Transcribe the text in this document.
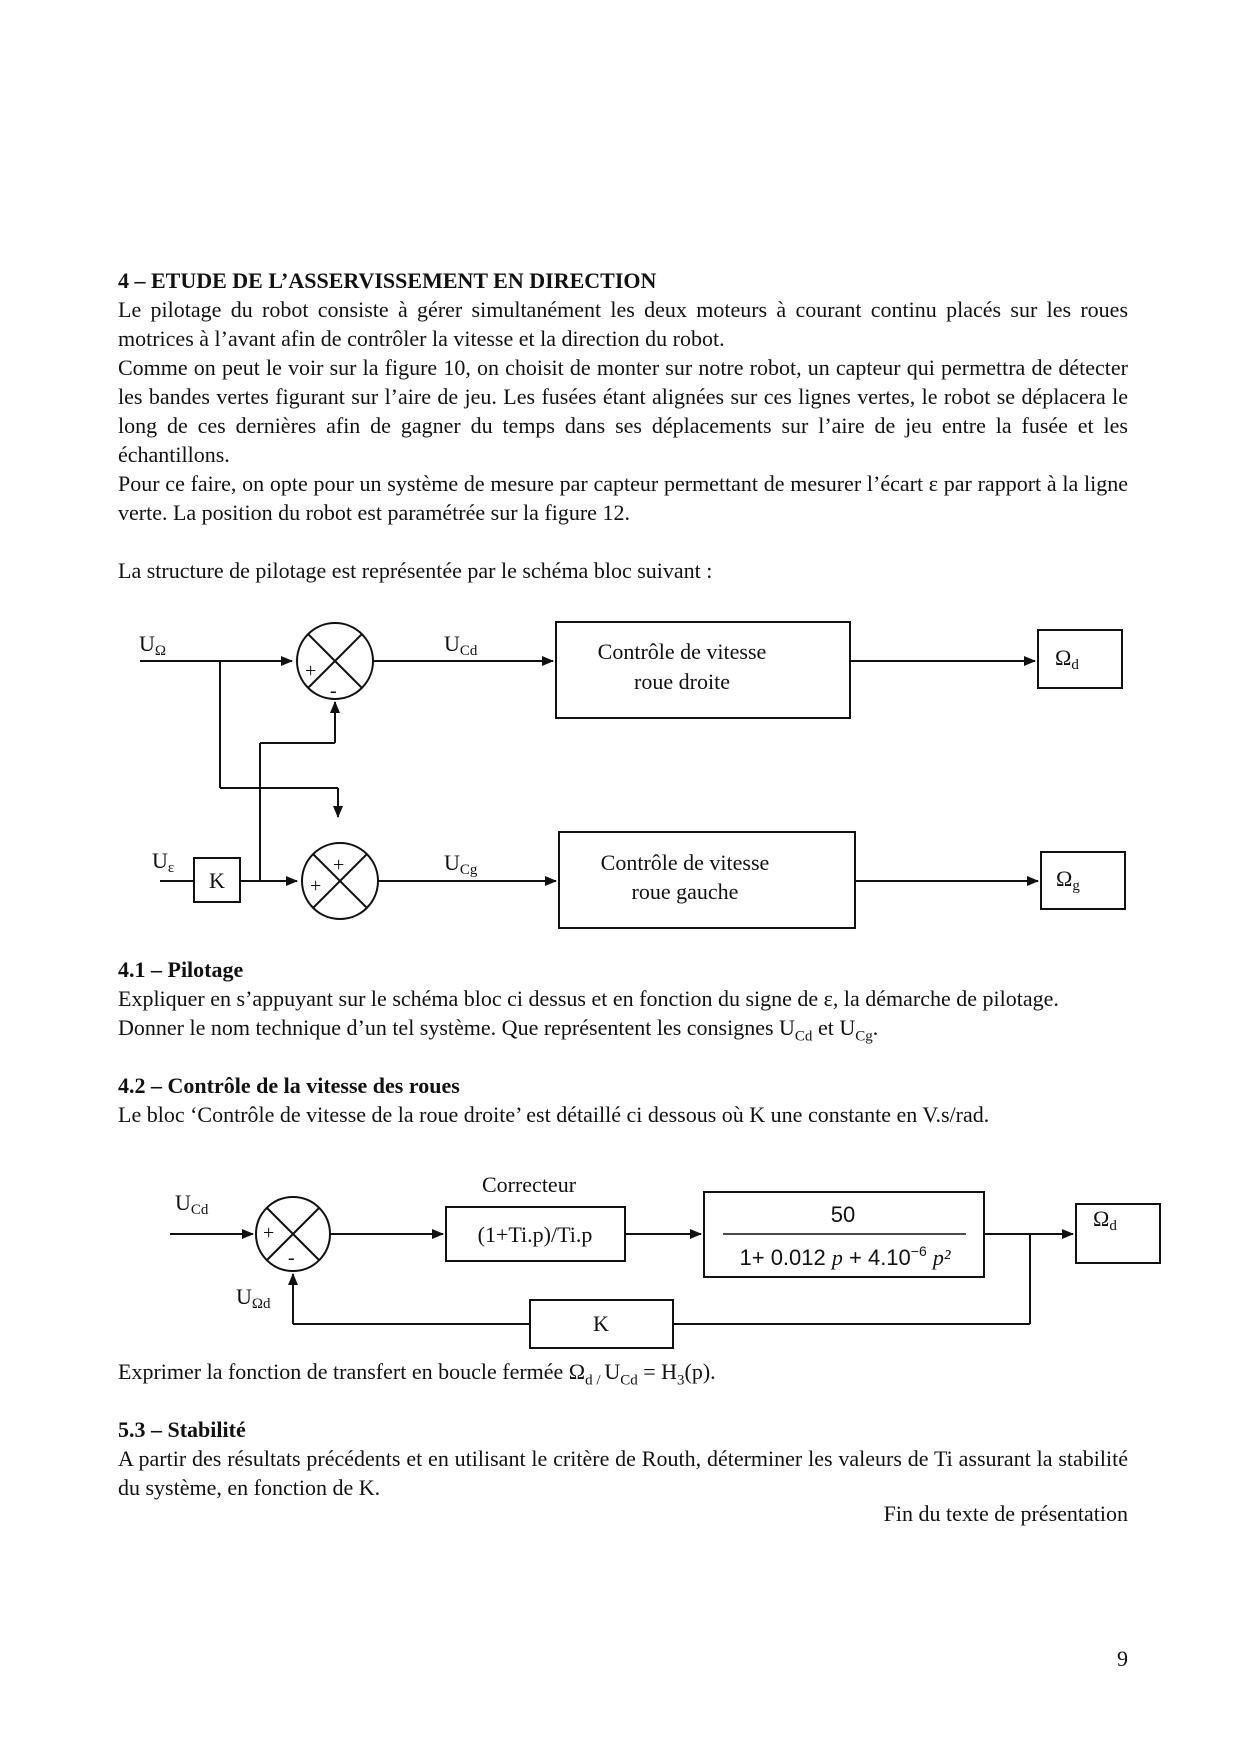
4 – ETUDE DE L’ASSERVISSEMENT EN DIRECTION

Le pilotage du robot consiste à gérer simultanément les deux moteurs à courant continu placés sur les roues motrices à l’avant afin de contrôler la vitesse et la direction du robot.

Comme on peut le voir sur la figure 10, on choisit de monter sur notre robot, un capteur qui permettra de détecter les bandes vertes figurant sur l’aire de jeu. Les fusées étant alignées sur ces lignes vertes, le robot se déplacera le long de ces dernières afin de gagner du temps dans ses déplacements sur l’aire de jeu entre la fusée et les échantillons.

Pour ce faire, on opte pour un système de mesure par capteur permettant de mesurer l’écart ε par rapport à la ligne verte. La position du robot est paramétrée sur la figure 12.

La structure de pilotage est représentée par le schéma bloc suivant :

UΩ	UCd
+
-
Contrôle de vitesse
roue droite
Ωd
Uε K
+
+
UCg	Contrôle de vitesse
roue gauche
Ωg
4.1 – Pilotage

Expliquer en s’appuyant sur le schéma bloc ci dessus et en fonction du signe de ε, la démarche de pilotage. Donner le nom technique d’un tel système. Que représentent les consignes $U_{Cd}$ et $U_{Cg}$.

4.2 – Contrôle de la vitesse des roues

Le bloc ‘Contrôle de vitesse de la roue droite’ est détaillé ci dessous où K une constante en V.s/rad.

UCd
+
-
UΩd
Correcteur
(1+Ti.p)/Ti.p
50
1+ 0.012 $p + 4.10^{-6}$ p²
Ωd
K

Exprimer la fonction de transfert en boucle fermée $\Omega_{d /}$ $U_{Cd} = H_3(p)$.

5.3 – Stabilité

A partir des résultats précédents et en utilisant le critère de Routh, déterminer les valeurs de Ti assurant la stabilité du système, en fonction de K.

Fin du texte de présentation
9
